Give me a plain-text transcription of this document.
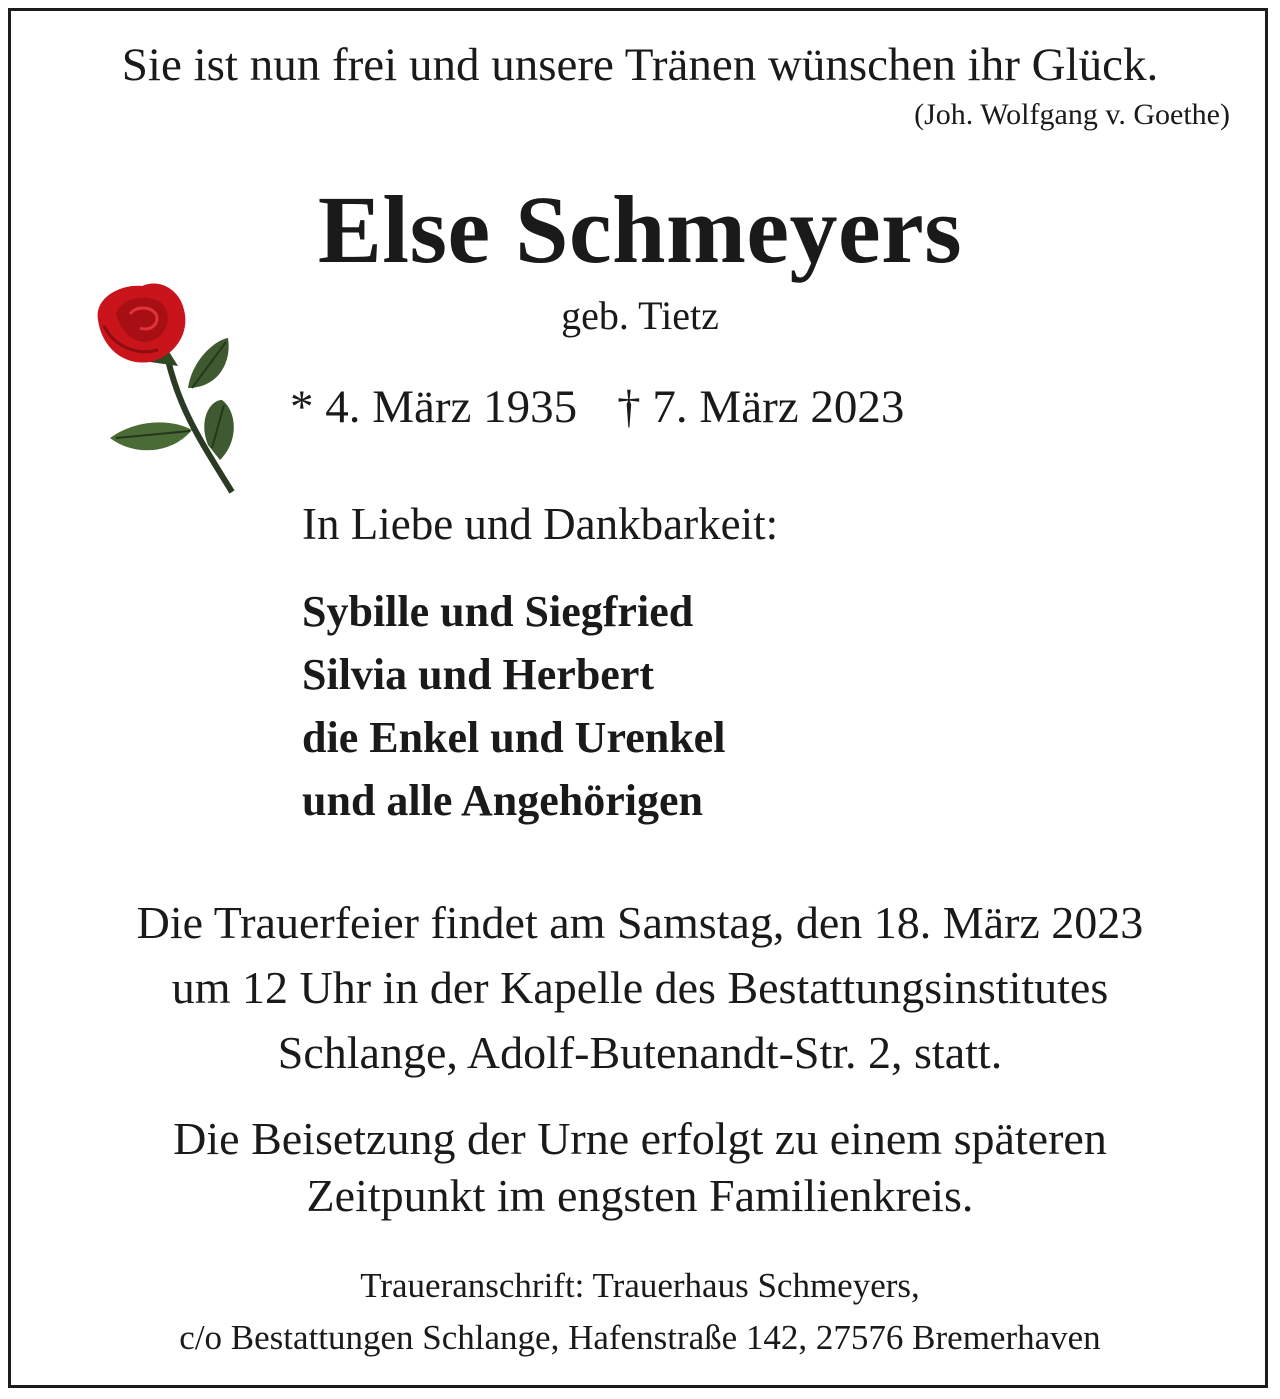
Sie ist nun frei und unsere Tränen wünschen ihr Glück.
(Joh. Wolfgang v. Goethe)
Else Schmeyers
geb. Tietz
* 4. März 1935 † 7. März 2023
In Liebe und Dankbarkeit:
Sybille und Siegfried
Silvia und Herbert
die Enkel und Urenkel
und alle Angehörigen
Die Trauerfeier findet am Samstag, den 18. März 2023
um 12 Uhr in der Kapelle des Bestattungsinstitutes
Schlange, Adolf-Butenandt-Str. 2, statt.
Die Beisetzung der Urne erfolgt zu einem späteren
Zeitpunkt im engsten Familienkreis.
Traueranschrift: Trauerhaus Schmeyers,
c/o Bestattungen Schlange, Hafenstraße 142, 27576 Bremerhaven
